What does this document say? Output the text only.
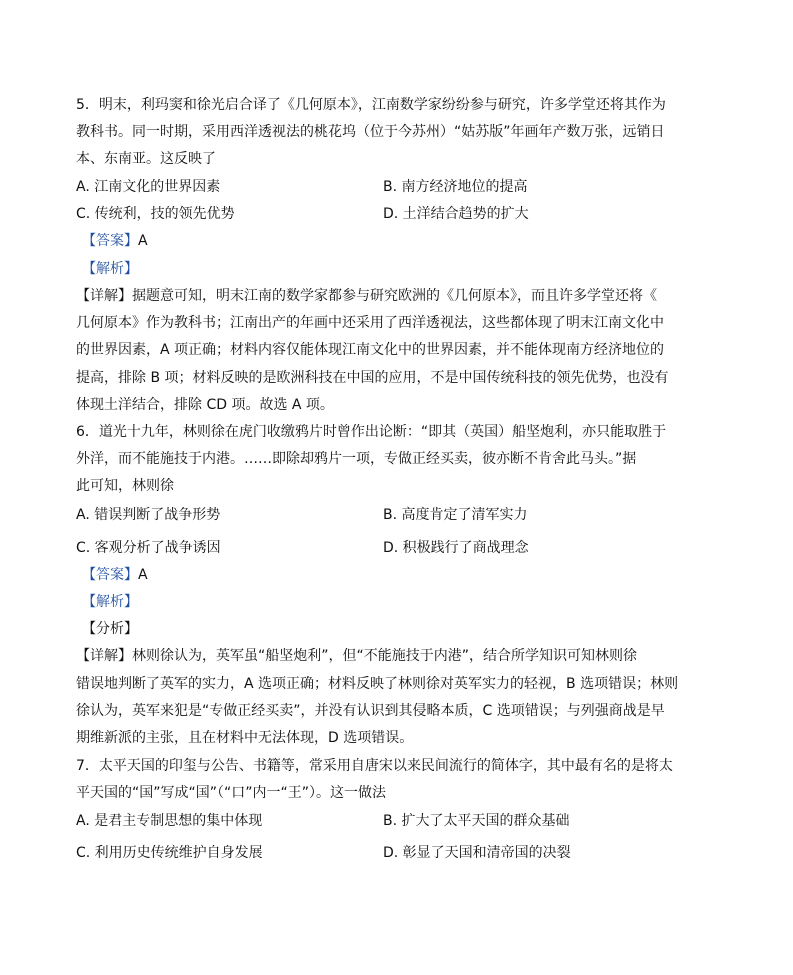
5．明末，利玛窦和徐光启合译了《几何原本》，江南数学家纷纷参与研究，许多学堂还将其作为
教科书。同一时期，采用西洋透视法的桃花坞（位于今苏州）“姑苏版”年画年产数万张，远销日
本、东南亚。这反映了
A. 江南文化的世界因素	B. 南方经济地位的提高
C. 传统利，技的领先优势	D. 土洋结合趋势的扩大
【答案】A
【解析】
【详解】据题意可知，明末江南的数学家都参与研究欧洲的《几何原本》，而且许多学堂还将《
几何原本》作为教科书；江南出产的年画中还采用了西洋透视法，这些都体现了明末江南文化中
的世界因素，A 项正确；材料内容仅能体现江南文化中的世界因素，并不能体现南方经济地位的
提高，排除 B 项；材料反映的是欧洲科技在中国的应用，不是中国传统科技的领先优势，也没有
体现土洋结合，排除 CD 项。故选 A 项。
6．道光十九年，林则徐在虎门收缴鸦片时曾作出论断：“即其（英国）船坚炮利，亦只能取胜于
外洋，而不能施技于内港。……即除却鸦片一项，专做正经买卖，彼亦断不肯舍此马头。”据
此可知，林则徐
A. 错误判断了战争形势	B. 高度肯定了清军实力
C. 客观分析了战争诱因	D. 积极践行了商战理念
【答案】A
【解析】
【分析】
【详解】林则徐认为，英军虽“船坚炮利”，但“不能施技于内港”，结合所学知识可知林则徐
错误地判断了英军的实力，A 选项正确；材料反映了林则徐对英军实力的轻视，B 选项错误；林则
徐认为，英军来犯是“专做正经买卖”，并没有认识到其侵略本质，C 选项错误；与列强商战是早
期维新派的主张，且在材料中无法体现，D 选项错误。
7．太平天国的印玺与公告、书籍等，常采用自唐宋以来民间流行的简体字，其中最有名的是将太
平天国的“国”写成“国”（“口”内一“王”）。这一做法
A. 是君主专制思想的集中体现	B. 扩大了太平天国的群众基础
C. 利用历史传统维护自身发展	D. 彰显了天国和清帝国的决裂
